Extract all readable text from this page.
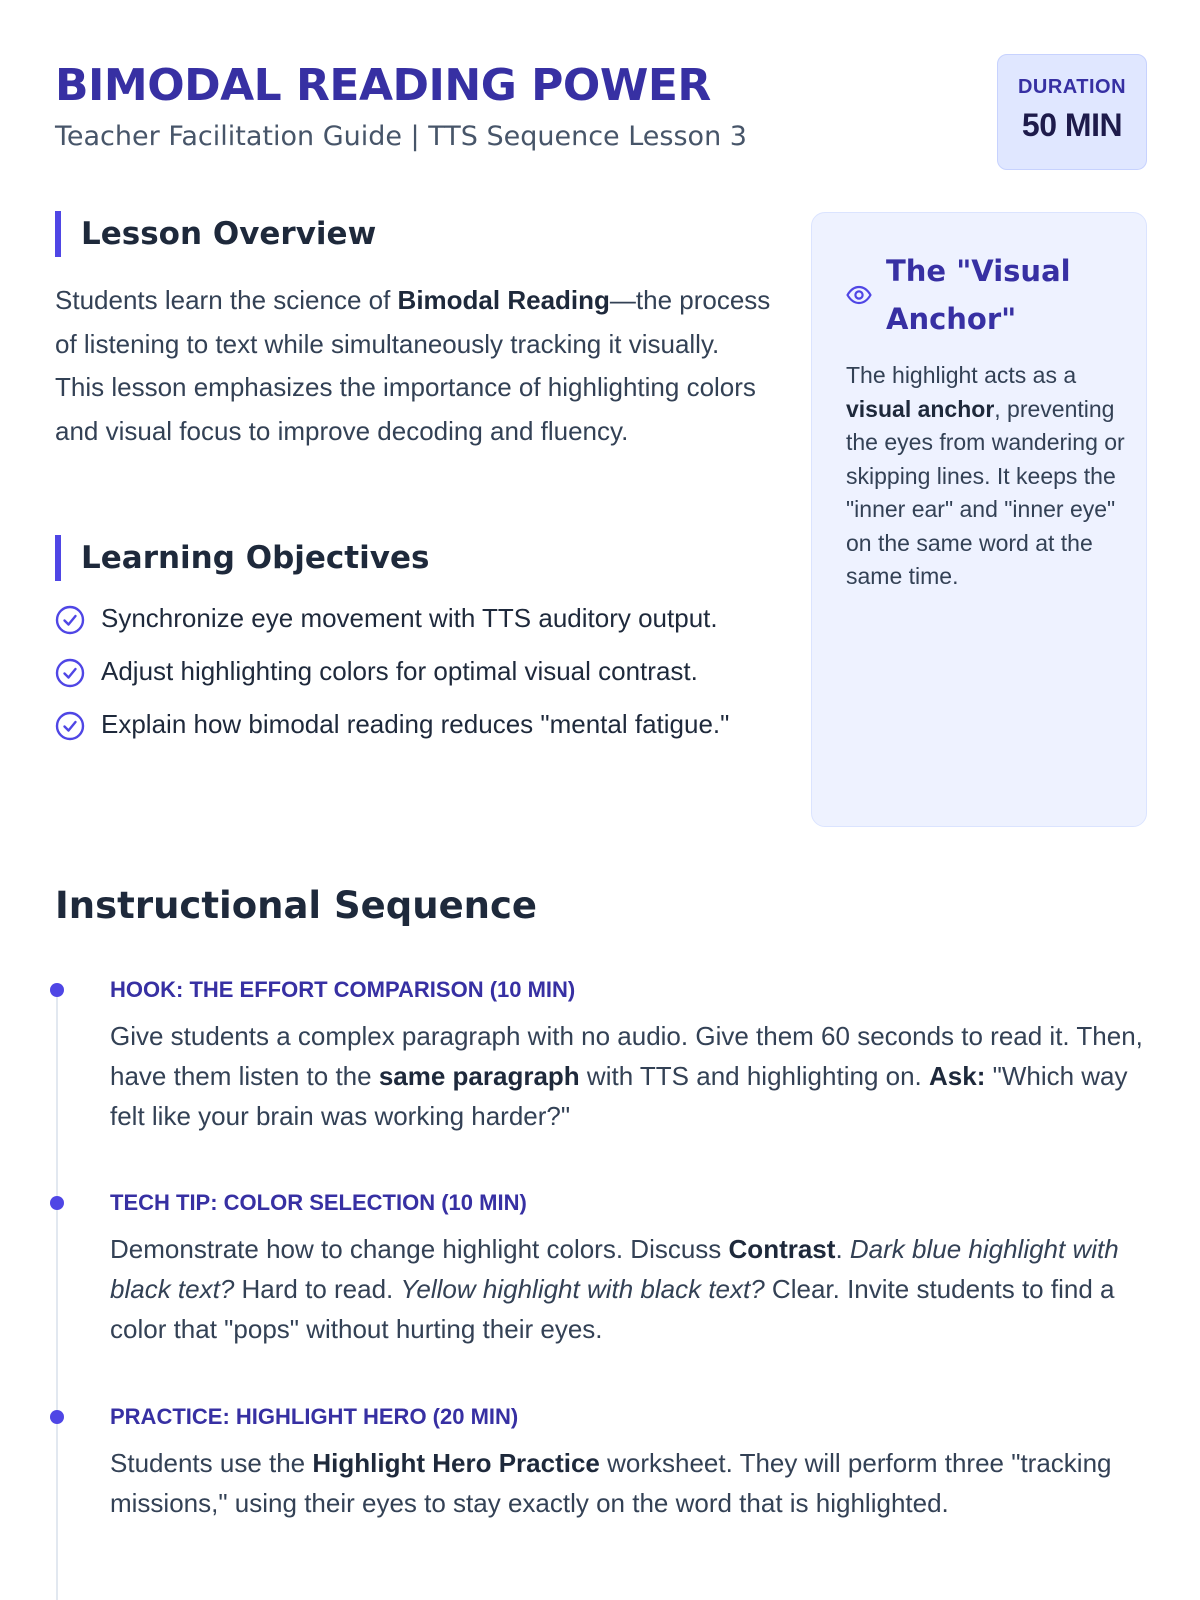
BIMODAL READING POWER
Teacher Facilitation Guide | TTS Sequence Lesson 3
DURATION
50 MIN
Lesson Overview

Students learn the science of Bimodal Reading—the process of listening to text while simultaneously tracking it visually. This lesson emphasizes the importance of highlighting colors and visual focus to improve decoding and fluency.

Learning Objectives
Synchronize eye movement with TTS auditory output.
Adjust highlighting colors for optimal visual contrast.
Explain how bimodal reading reduces "mental fatigue."
The "Visual Anchor"

The highlight acts as a visual anchor, preventing the eyes from wandering or skipping lines. It keeps the "inner ear" and "inner eye" on the same word at the same time.

Instructional Sequence
HOOK: THE EFFORT COMPARISON (10 MIN)

Give students a complex paragraph with no audio. Give them 60 seconds to read it. Then, have them listen to the same paragraph with TTS and highlighting on. Ask: "Which way felt like your brain was working harder?"

TECH TIP: COLOR SELECTION (10 MIN)

Demonstrate how to change highlight colors. Discuss Contrast. Dark blue highlight with black text? Hard to read. Yellow highlight with black text? Clear. Invite students to find a color that "pops" without hurting their eyes.

PRACTICE: HIGHLIGHT HERO (20 MIN)

Students use the Highlight Hero Practice worksheet. They will perform three "tracking missions," using their eyes to stay exactly on the word that is highlighted.
